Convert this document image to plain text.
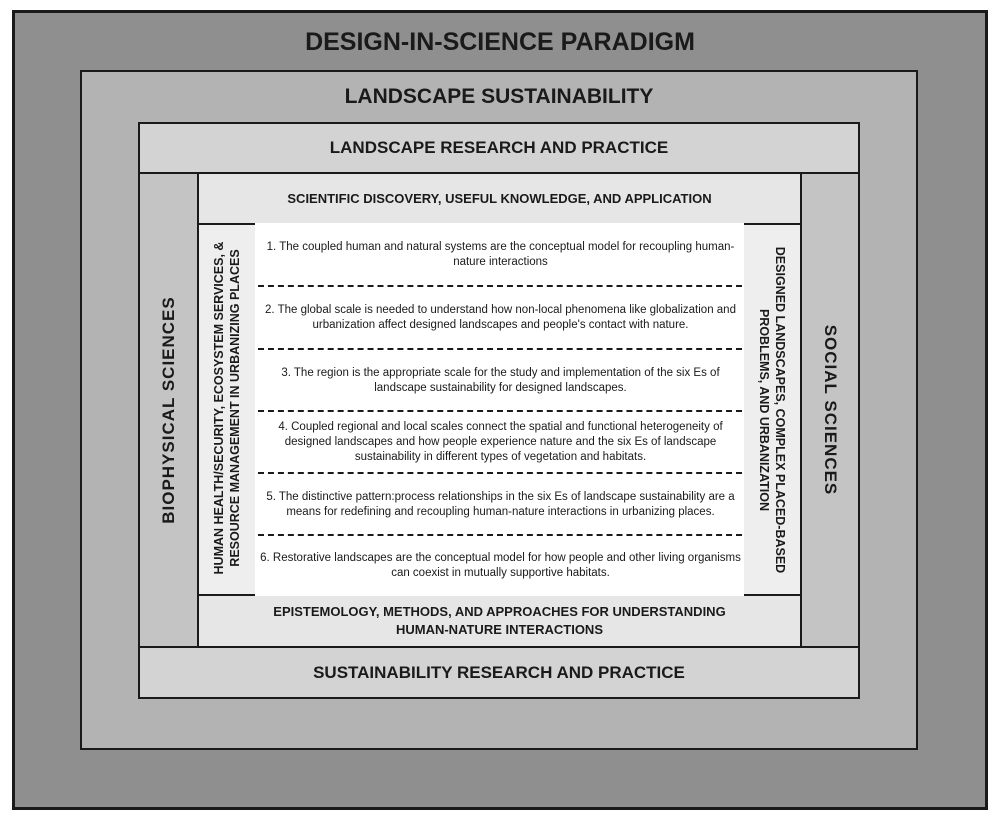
DESIGN-IN-SCIENCE PARADIGM
LANDSCAPE SUSTAINABILITY
LANDSCAPE RESEARCH AND PRACTICE
SUSTAINABILITY RESEARCH AND PRACTICE
SCIENTIFIC DISCOVERY, USEFUL KNOWLEDGE, AND APPLICATION
EPISTEMOLOGY, METHODS, AND APPROACHES FOR UNDERSTANDING
HUMAN-NATURE INTERACTIONS
BIOPHYSICAL SCIENCES	SOCIAL SCIENCES
HUMAN HEALTH/SECURITY, ECOSYSTEM SERVICES, &
RESOURCE MANAGEMENT IN URBANIZING PLACES	DESIGNED LANDSCAPES, COMPLEX PLACED-BASED
PROBLEMS, AND URBANIZATION
1. The coupled human and natural systems are the conceptual model for recoupling human-nature interactions
2. The global scale is needed to understand how non-local phenomena like globalization and urbanization affect designed landscapes and people's contact with nature.
3. The region is the appropriate scale for the study and implementation of the six Es of landscape sustainability for designed landscapes.
4. Coupled regional and local scales connect the spatial and functional heterogeneity of designed landscapes and how people experience nature and the six Es of landscape sustainability in different types of vegetation and habitats.
5. The distinctive pattern:process relationships in the six Es of landscape sustainability are a means for redefining and recoupling human-nature interactions in urbanizing places.
6. Restorative landscapes are the conceptual model for how people and other living organisms can coexist in mutually supportive habitats.
